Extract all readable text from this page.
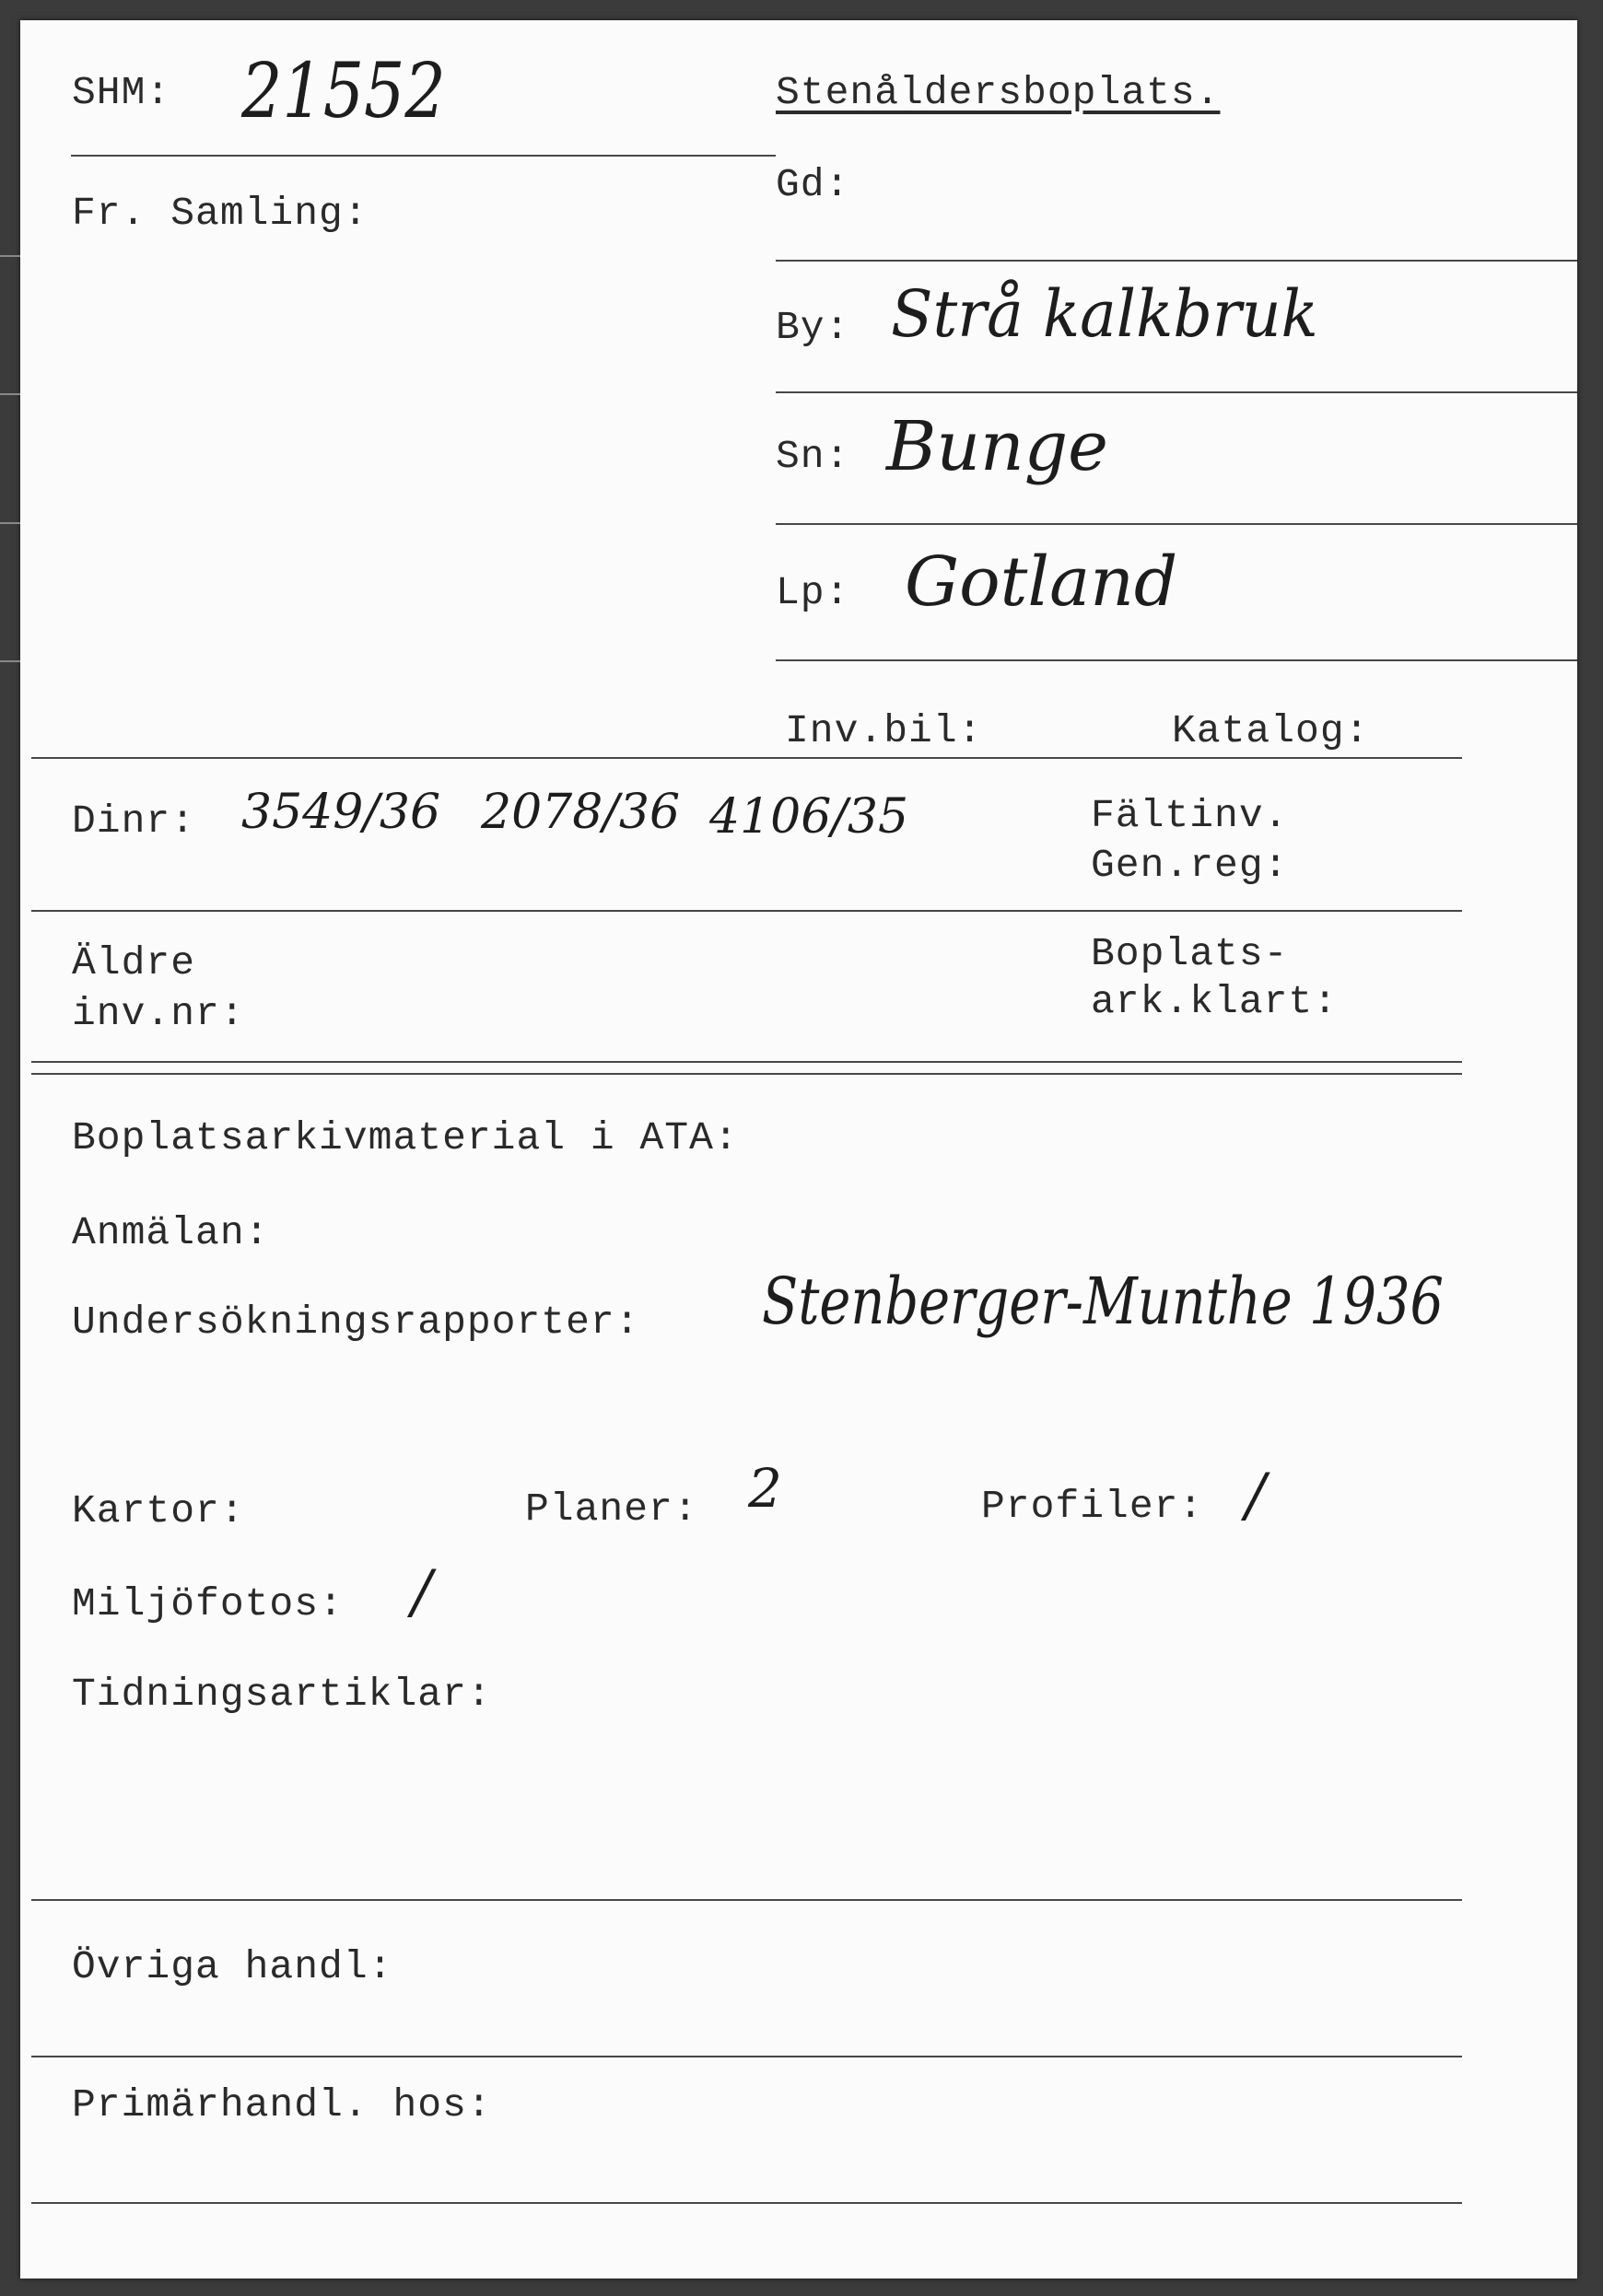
SHM: 21552	Stenåldersboplats.
Fr. Samling:
Gd:
By: Strå kalkbruk
Sn: Bunge
Lp: Gotland
Inv.bil:	Katalog:
Dinr: 3549/36 2078/36 4106/35	Fältinv.
Gen.reg:
Äldre
inv.nr:
Boplats-
ark.klart:
Boplatsarkivmaterial i ATA:
Anmälan:
Undersökningsrapporter: Stenberger-Munthe 1936
Kartor:	Planer: 2	Profiler: /
Miljöfotos: /
Tidningsartiklar:
Övriga handl:
Primärhandl. hos:
